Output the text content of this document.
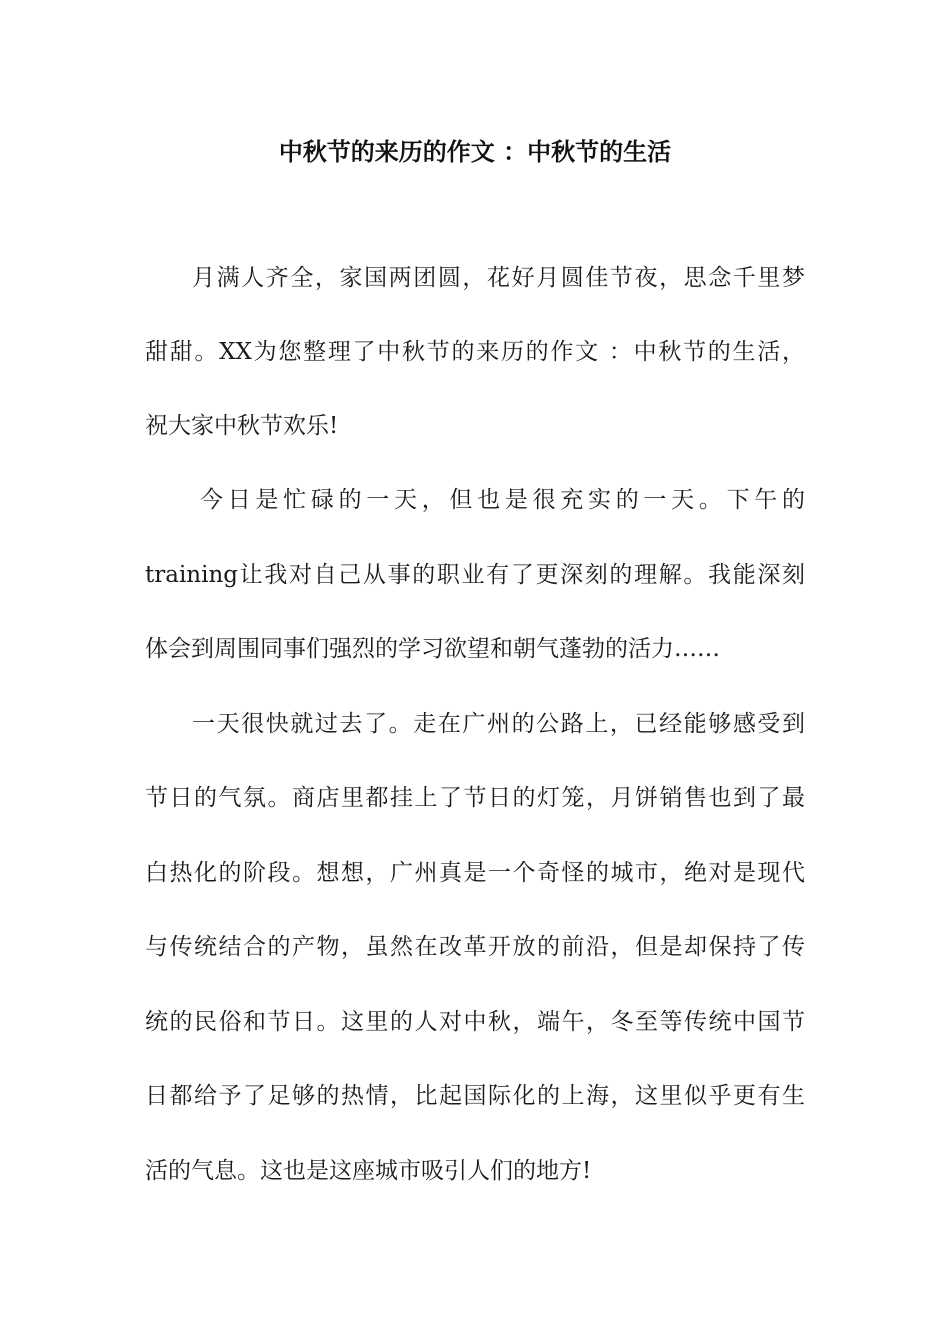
中秋节的来历的作文 ：中秋节的生活

月满人齐全，家国两团圆，花好月圆佳节夜，思念千里梦

甜甜。XX为您整理了中秋节的来历的作文 ：中秋节的生活，

祝大家中秋节欢乐!

今日是忙碌的一天，但也是很充实的一天。下午的

training让我对自己从事的职业有了更深刻的理解。我能深刻

体会到周围同事们强烈的学习欲望和朝气蓬勃的活力……

一天很快就过去了。走在广州的公路上，已经能够感受到

节日的气氛。商店里都挂上了节日的灯笼，月饼销售也到了最

白热化的阶段。想想，广州真是一个奇怪的城市，绝对是现代

与传统结合的产物，虽然在改革开放的前沿，但是却保持了传

统的民俗和节日。这里的人对中秋，端午，冬至等传统中国节

日都给予了足够的热情，比起国际化的上海，这里似乎更有生

活的气息。这也是这座城市吸引人们的地方!
